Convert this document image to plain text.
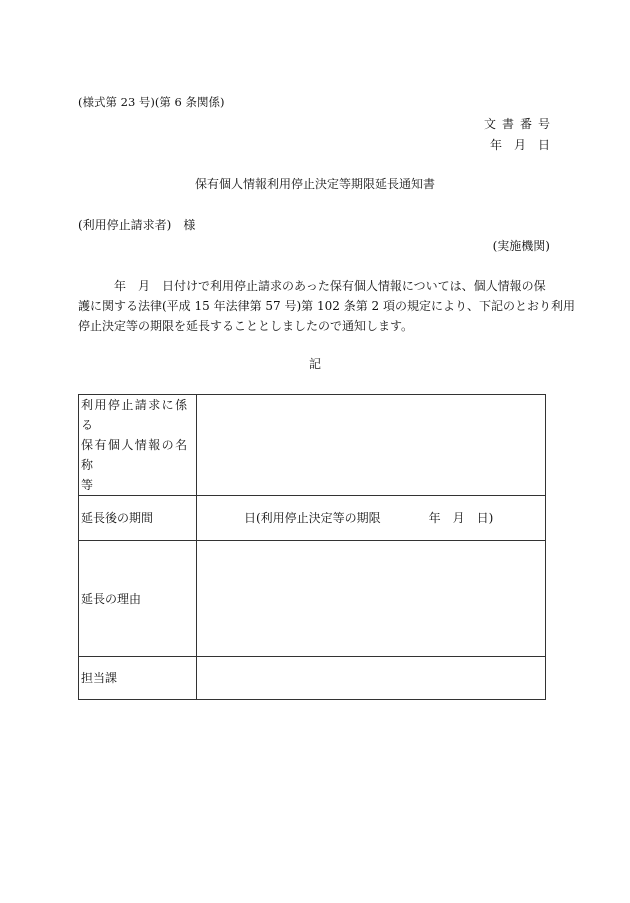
(様式第 23 号)(第 6 条関係)
文書番号
年　月　日
保有個人情報利用停止決定等期限延長通知書
(利用停止請求者)　様
(実施機関)
　　　年　月　日付けで利用停止請求のあった保有個人情報については、個人情報の保
護に関する法律(平成 15 年法律第 57 号)第 102 条第 2 項の規定により、下記のとおり利用
停止決定等の期限を延長することとしましたので通知します。
記
利用停止請求に係る
保有個人情報の名称
等	

延長後の期間	日(利用停止決定等の期限　　　　年　月　日)

延長の理由	
担当課	
